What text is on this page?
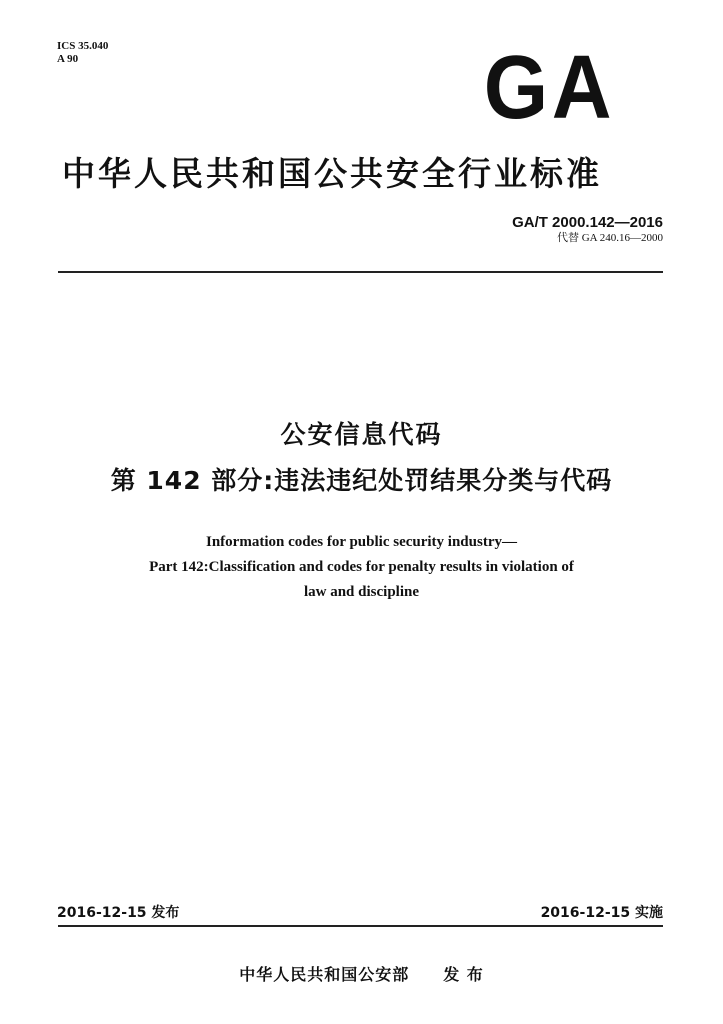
ICS 35.040
A 90	GA
中华人民共和国公共安全行业标准
GA/T 2000.142—2016
代替 GA 240.16—2000
公安信息代码
第 142 部分:违法违纪处罚结果分类与代码
Information codes for public security industry—
Part 142:Classification and codes for penalty results in violation of
law and discipline
2016-12-15 发布	2016-12-15 实施
中华人民共和国公安部 发 布
